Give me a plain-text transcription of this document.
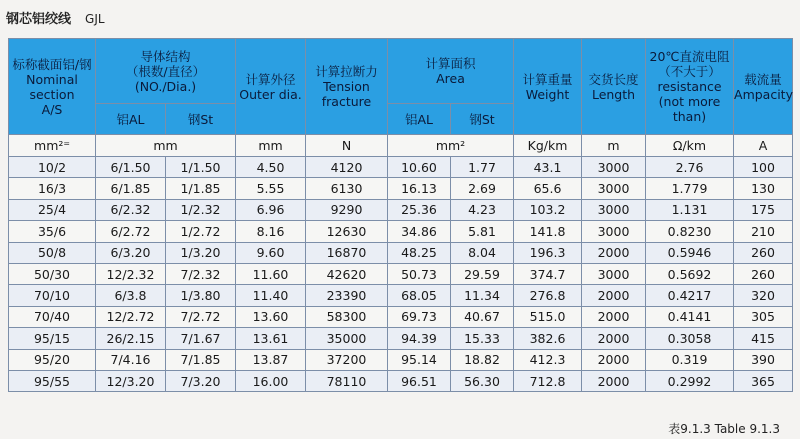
钢芯铝绞线 GJL
标称截面铝/钢
Nominal
section
A/S	导体结构
（根数/直径）
(NO./Dia.)		计算外径
Outer dia.	计算拉断力
Tension
fracture	计算面积
Area		计算重量
Weight	交货长度
Length	20℃直流电阻
（不大于）
resistance
(not more
than)	载流量
Ampacity

	铝AL	钢St			铝AL	钢St				
mm²⁼	mm		mm	N	mm²		Kg/km	m	Ω/km	A
10/2	6/1.50	1/1.50	4.50	4120	10.60	1.77	43.1	3000	2.76	100
16/3	6/1.85	1/1.85	5.55	6130	16.13	2.69	65.6	3000	1.779	130
25/4	6/2.32	1/2.32	6.96	9290	25.36	4.23	103.2	3000	1.131	175
35/6	6/2.72	1/2.72	8.16	12630	34.86	5.81	141.8	3000	0.8230	210
50/8	6/3.20	1/3.20	9.60	16870	48.25	8.04	196.3	2000	0.5946	260
50/30	12/2.32	7/2.32	11.60	42620	50.73	29.59	374.7	3000	0.5692	260
70/10	6/3.8	1/3.80	11.40	23390	68.05	11.34	276.8	2000	0.4217	320
70/40	12/2.72	7/2.72	13.60	58300	69.73	40.67	515.0	2000	0.4141	305
95/15	26/2.15	7/1.67	13.61	35000	94.39	15.33	382.6	2000	0.3058	415
95/20	7/4.16	7/1.85	13.87	37200	95.14	18.82	412.3	2000	0.319	390
95/55	12/3.20	7/3.20	16.00	78110	96.51	56.30	712.8	2000	0.2992	365
表9.1.3 Table 9.1.3
